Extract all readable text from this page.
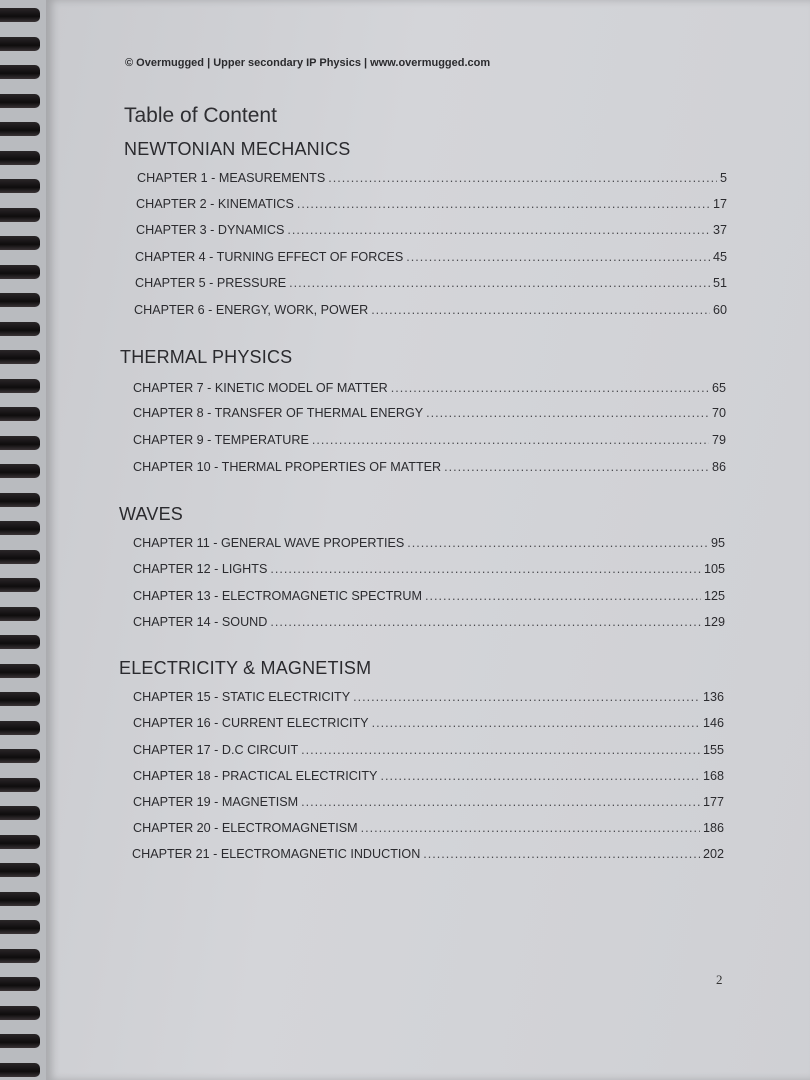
© Overmugged | Upper secondary IP Physics | www.overmugged.com
Table of Content
NEWTONIAN MECHANICS
CHAPTER 1 - MEASUREMENTS .....	5
CHAPTER 2 - KINEMATICS .....	17
CHAPTER 3 - DYNAMICS .....	37
CHAPTER 4 - TURNING EFFECT OF FORCES .....	45
CHAPTER 5 - PRESSURE .....	51
CHAPTER 6 - ENERGY, WORK, POWER .....	60
THERMAL PHYSICS
CHAPTER 7 - KINETIC MODEL OF MATTER .....	65
CHAPTER 8 - TRANSFER OF THERMAL ENERGY .....	70
CHAPTER 9 - TEMPERATURE .....	79
CHAPTER 10 - THERMAL PROPERTIES OF MATTER .....	86
WAVES
CHAPTER 11 - GENERAL WAVE PROPERTIES .....	95
CHAPTER 12 - LIGHTS .....	105
CHAPTER 13 - ELECTROMAGNETIC SPECTRUM .....	125
CHAPTER 14 - SOUND .....	129
ELECTRICITY & MAGNETISM
CHAPTER 15 - STATIC ELECTRICITY .....	136
CHAPTER 16 - CURRENT ELECTRICITY .....	146
CHAPTER 17 - D.C CIRCUIT .....	155
CHAPTER 18 - PRACTICAL ELECTRICITY .....	168
CHAPTER 19 - MAGNETISM .....	177
CHAPTER 20 - ELECTROMAGNETISM .....	186
CHAPTER 21 - ELECTROMAGNETIC INDUCTION .....	202
2
